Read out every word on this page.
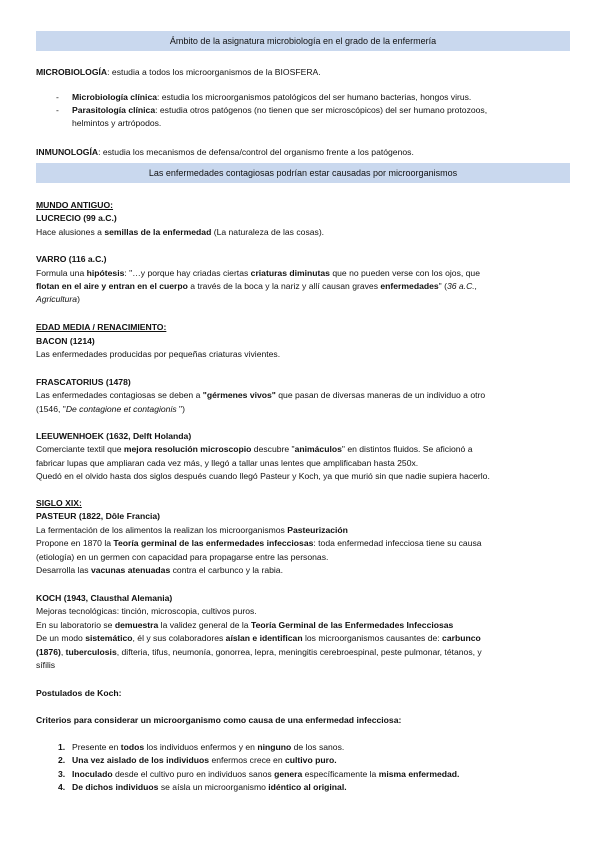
Ámbito de la asignatura microbiología en el grado de la enfermería
MICROBIOLOGÍA: estudia a todos los microorganismos de la BIOSFERA.
- Microbiología clínica: estudia los microorganismos patológicos del ser humano bacterias, hongos virus.
- Parasitología clínica: estudia otros patógenos (no tienen que ser microscópicos) del ser humano protozoos,
helmintos y artrópodos.
INMUNOLOGÍA: estudia los mecanismos de defensa/control del organismo frente a los patógenos.
Las enfermedades contagiosas podrían estar causadas por microorganismos
MUNDO ANTIGUO:
LUCRECIO (99 a.C.)
Hace alusiones a semillas de la enfermedad (La naturaleza de las cosas).
VARRO (116 a.C.)
Formula una hipótesis: "…y porque hay criadas ciertas criaturas diminutas que no pueden verse con los ojos, que
flotan en el aire y entran en el cuerpo a través de la boca y la nariz y allí causan graves enfermedades" (36 a.C.,
Agricultura)
EDAD MEDIA / RENACIMIENTO:
BACON (1214)
Las enfermedades producidas por pequeñas criaturas vivientes.
FRASCATORIUS (1478)
Las enfermedades contagiosas se deben a "gérmenes vivos" que pasan de diversas maneras de un individuo a otro
(1546, "De contagione et contagionis ")
LEEUWENHOEK (1632, Delft Holanda)
Comerciante textil que mejora resolución microscopio descubre "animáculos" en distintos fluidos. Se aficionó a
fabricar lupas que ampliaran cada vez más, y llegó a tallar unas lentes que amplificaban hasta 250x.
Quedó en el olvido hasta dos siglos después cuando llegó Pasteur y Koch, ya que murió sin que nadie supiera hacerlo.
SIGLO XIX:
PASTEUR (1822, Dôle Francia)
La fermentación de los alimentos la realizan los microorganismos Pasteurización
Propone en 1870 la Teoría germinal de las enfermedades infecciosas: toda enfermedad infecciosa tiene su causa
(etiología) en un germen con capacidad para propagarse entre las personas.
Desarrolla las vacunas atenuadas contra el carbunco y la rabia.
KOCH (1943, Clausthal Alemania)
Mejoras tecnológicas: tinción, microscopia, cultivos puros.
En su laboratorio se demuestra la validez general de la Teoría Germinal de las Enfermedades Infecciosas
De un modo sistemático, él y sus colaboradores aíslan e identifican los microorganismos causantes de: carbunco
(1876), tuberculosis, difteria, tifus, neumonía, gonorrea, lepra, meningitis cerebroespinal, peste pulmonar, tétanos, y
sífilis
Postulados de Koch:
Criterios para considerar un microorganismo como causa de una enfermedad infecciosa:
1. Presente en todos los individuos enfermos y en ninguno de los sanos.
2. Una vez aislado de los individuos enfermos crece en cultivo puro.
3. Inoculado desde el cultivo puro en individuos sanos genera específicamente la misma enfermedad.
4. De dichos individuos se aísla un microorganismo idéntico al original.
